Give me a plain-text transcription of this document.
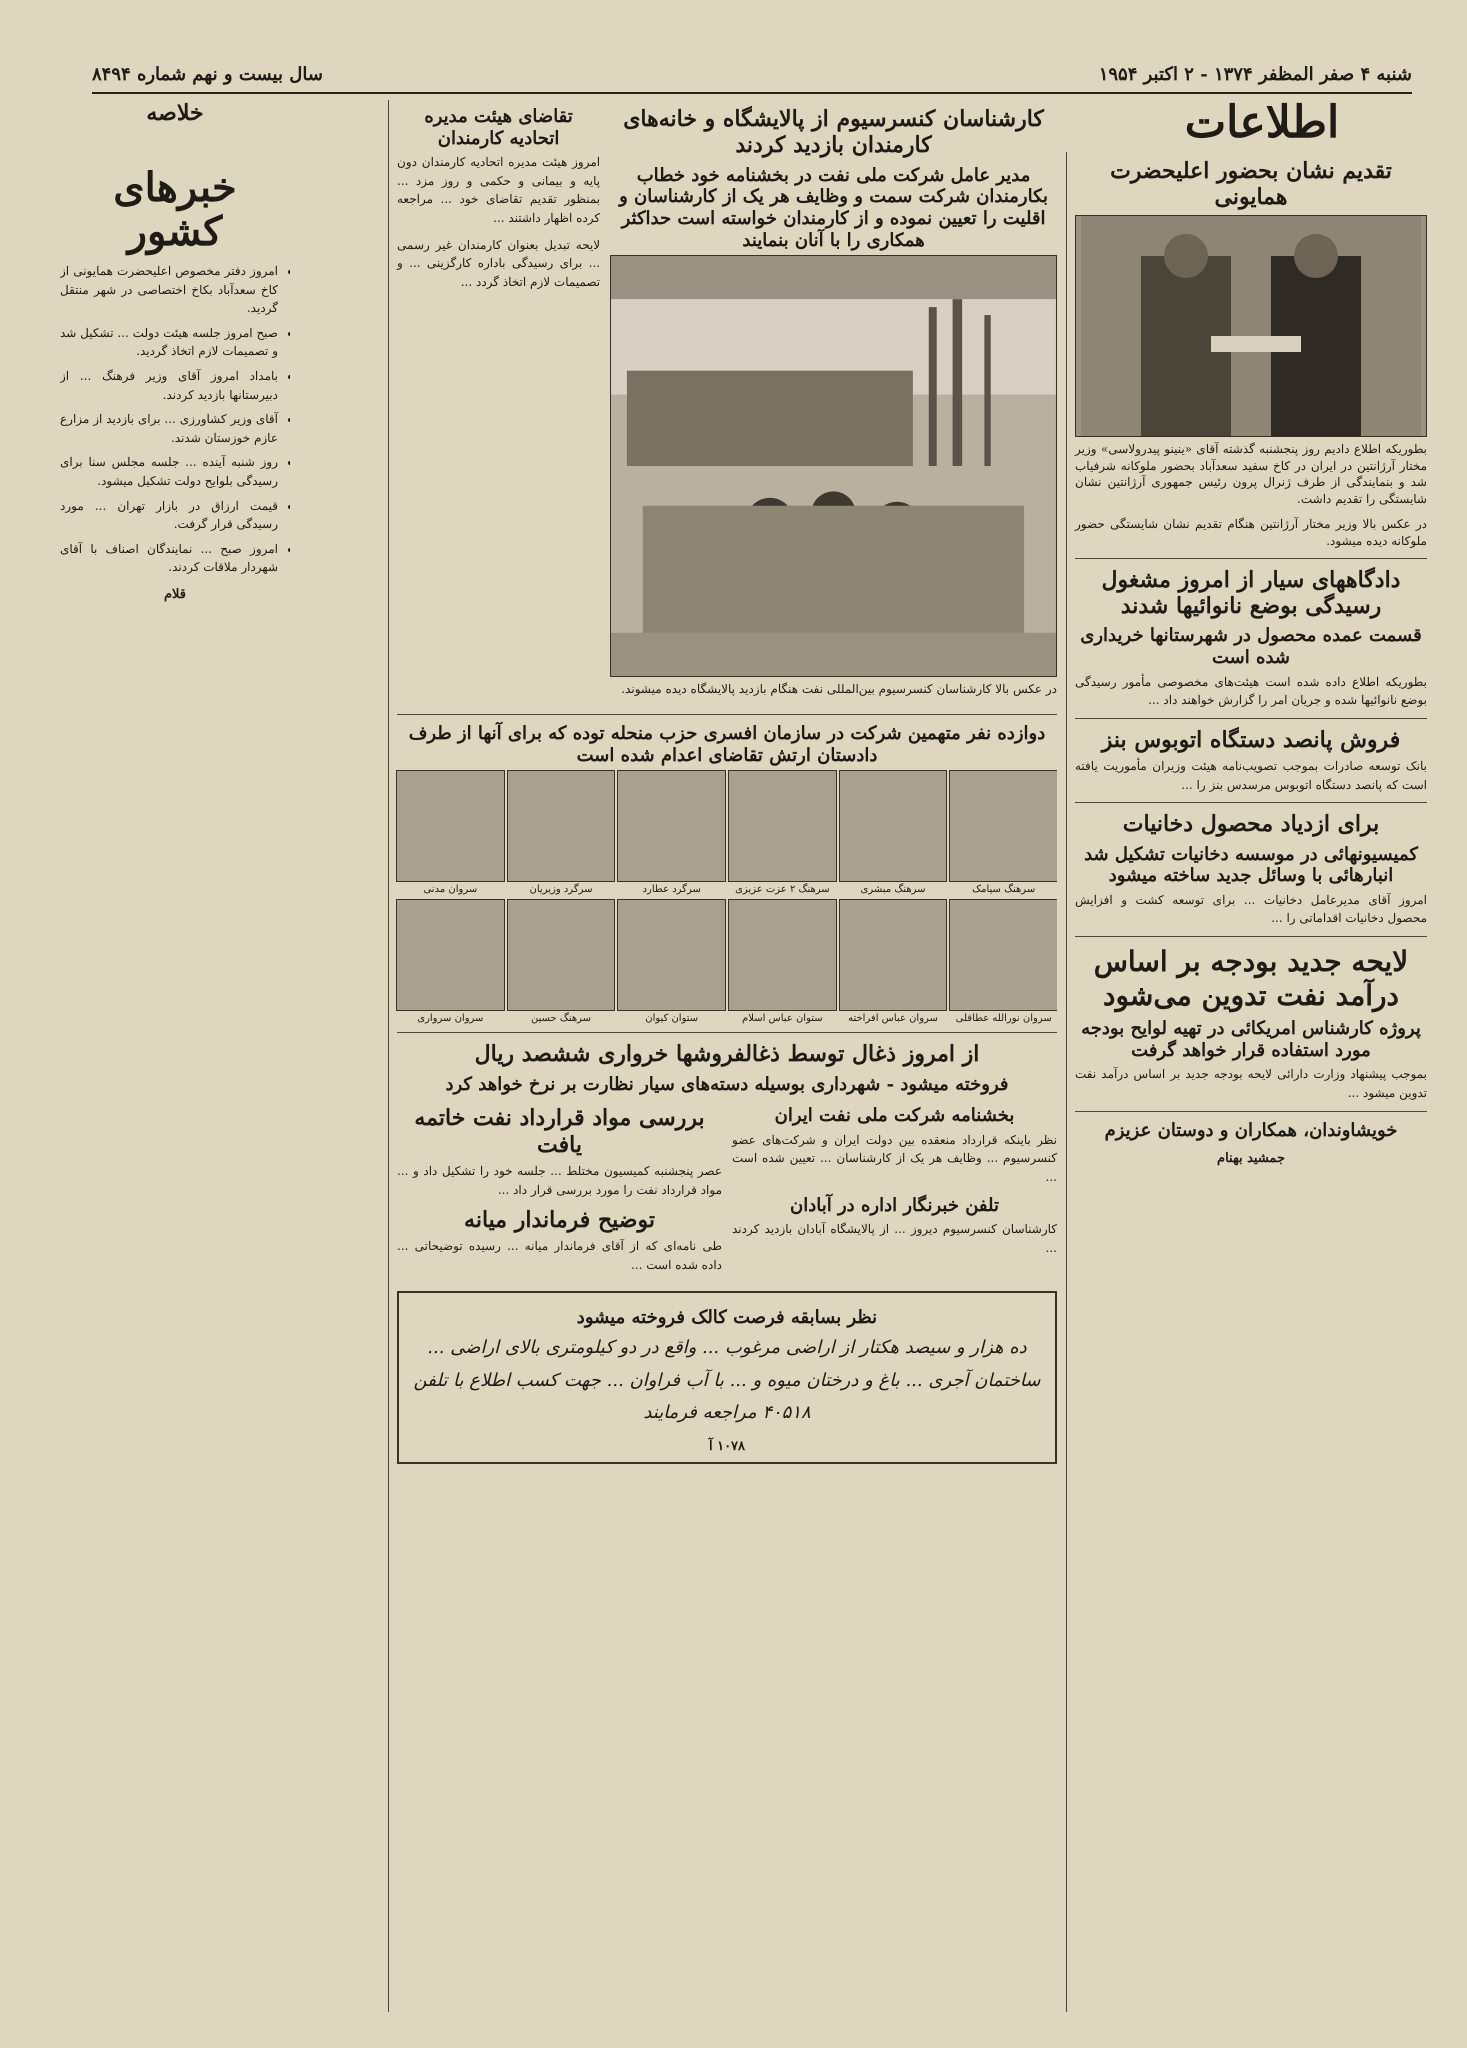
شنبه ۴ صفر المظفر ۱۳۷۴ - ۲ اکتبر ۱۹۵۴
سال بیست و نهم شماره ۸۴۹۴
اطلاعات
تقدیم نشان بحضور اعلیحضرت همایونی

بطوریکه اطلاع دادیم روز پنجشنبه گذشته آقای «ینینو پیدرولاسی» وزیر مختار آرژانتین در ایران در کاخ سفید سعدآباد بحضور ملوکانه شرفیاب شد و بنمایندگی از طرف ژنرال پرون رئیس جمهوری آرژانتین نشان شایستگی را تقدیم داشت.

در عکس بالا وزیر مختار آرژانتین هنگام تقدیم نشان شایستگی حضور ملوکانه دیده میشود.

دادگاههای سیار از امروز مشغول رسیدگی بوضع نانوائیها شدند
قسمت عمده محصول در شهرستانها خریداری شده است

بطوریکه اطلاع داده شده است هیئت‌های مخصوصی مأمور رسیدگی بوضع نانوائیها شده و جریان امر را گزارش خواهند داد ...

فروش پانصد دستگاه اتوبوس بنز

بانک توسعه صادرات بموجب تصویب‌نامه هیئت وزیران مأموریت یافته است که پانصد دستگاه اتوبوس مرسدس بنز را ...

برای ازدیاد محصول دخانیات
کمیسیونهائی در موسسه دخانیات تشکیل شد انبارهائی با وسائل جدید ساخته میشود

امروز آقای مدیرعامل دخانیات ... برای توسعه کشت و افزایش محصول دخانیات اقداماتی را ...

لایحه جدید بودجه بر اساس درآمد نفت تدوین می‌شود
پروژه کارشناس امریکائی در تهیه لوایح بودجه مورد استفاده قرار خواهد گرفت

بموجب پیشنهاد وزارت دارائی لایحه بودجه جدید بر اساس درآمد نفت تدوین میشود ...

خویشاوندان، همکاران و دوستان عزیزم
جمشید بهنام
کارشناسان کنسرسیوم از پالایشگاه و خانه‌های کارمندان بازدید کردند
مدیر عامل شرکت ملی نفت در بخشنامه خود خطاب بکارمندان شرکت سمت و وظایف هر یک از کارشناسان و اقلیت را تعیین نموده و از کارمندان خواسته است حداکثر همکاری را با آنان بنمایند

در عکس بالا کارشناسان کنسرسیوم بین‌المللی نفت هنگام بازدید پالایشگاه دیده میشوند.

تقاضای هیئت مدیره اتحادیه کارمندان

امروز هیئت مدیره اتحادیه کارمندان دون پایه و بیمانی و حکمی و روز مزد ... بمنظور تقدیم تقاضای خود ... مراجعه کرده اظهار داشتند ...

لایحه تبدیل بعنوان کارمندان غیر رسمی ... برای رسیدگی باداره کارگزینی ... و تصمیمات لازم اتخاذ گردد ...

دوازده نفر متهمین شرکت در سازمان افسری حزب منحله توده که برای آنها از طرف دادستان ارتش تقاضای اعدام شده است
سرهنگ سیامک
سرهنگ مبشری
سرهنگ ۲ عزت عزیزی
سرگرد عطارد
سرگرد وزیریان
سروان مدنی
سروان نورالله عطاقلی
سروان عباس افراخته
ستوان عباس اسلام
ستوان کیوان
سرهنگ حسین
سروان سرواری
از امروز ذغال توسط ذغالفروشها خرواری ششصد ریال
فروخته میشود - شهرداری بوسیله دسته‌های سیار نظارت بر نرخ خواهد کرد
بخشنامه شرکت ملی نفت ایران

نظر باینکه قرارداد منعقده بین دولت ایران و شرکت‌های عضو کنسرسیوم ... وظایف هر یک از کارشناسان ... تعیین شده است ...

تلفن خبرنگار اداره در آبادان

کارشناسان کنسرسیوم دیروز ... از پالایشگاه آبادان بازدید کردند ...

بررسی مواد قرارداد نفت خاتمه یافت

عصر پنجشنبه کمیسیون مختلط ... جلسه خود را تشکیل داد و ... مواد قرارداد نفت را مورد بررسی قرار داد ...

توضیح فرماندار میانه

طی نامه‌ای که از آقای فرماندار میانه ... رسیده توضیحاتی ... داده شده است ...

نظر بسابقه فرصت کالک فروخته میشود
ده هزار و سیصد هکتار از اراضی مرغوب ... واقع در دو کیلومتری بالای اراضی ... ساختمان آجری ... باغ و درختان میوه و ... با آب فراوان ... جهت کسب اطلاع با تلفن ۴۰۵۱۸ مراجعه فرمایند
۱۰۷۸ آ
خلاصه
خبرهای کشور
• امروز دفتر مخصوص اعلیحضرت همایونی از کاخ سعدآباد بکاخ اختصاصی در شهر منتقل گردید.
• صبح امروز جلسه هیئت دولت ... تشکیل شد و تصمیمات لازم اتخاذ گردید.
• بامداد امروز آقای وزیر فرهنگ ... از دبیرستانها بازدید کردند.
• آقای وزیر کشاورزی ... برای بازدید از مزارع عازم خوزستان شدند.
• روز شنبه آینده ... جلسه مجلس سنا برای رسیدگی بلوایح دولت تشکیل میشود.
• قیمت ارزاق در بازار تهران ... مورد رسیدگی قرار گرفت.
• امروز صبح ... نمایندگان اصناف با آقای شهردار ملاقات کردند.
قلام
